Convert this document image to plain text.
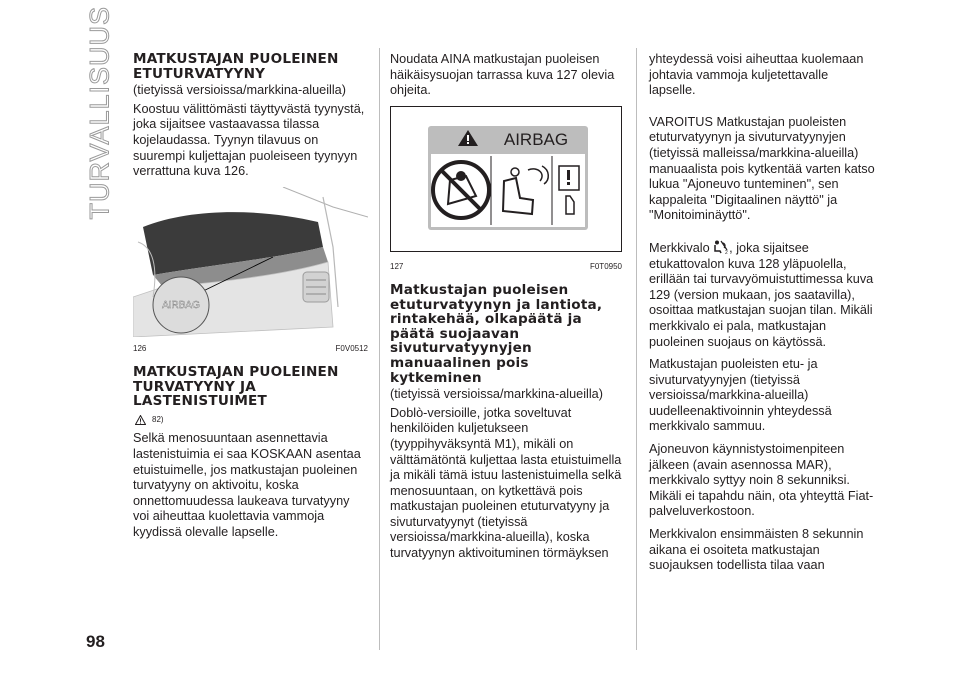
TURVALLISUUS MATKUSTAJAN PUOLEINEN ETUTURVATYYNY
(tietyissä versioissa/markkina-alueilla)

Koostuu välittömästi täyttyvästä tyynystä, joka sijaitsee vastaavassa tilassa kojelaudassa. Tyynyn tilavuus on suurempi kuljettajan puoleiseen tyynyyn verrattuna kuva 126.

AIRBAG
126	F0V0512
MATKUSTAJAN PUOLEINEN TURVATYYNY JA LASTENISTUIMET
82)

Selkä menosuuntaan asennettavia lastenistuimia ei saa KOSKAAN asentaa etuistuimelle, jos matkustajan puoleinen turvatyyny on aktivoitu, koska onnettomuudessa laukeava turvatyyny voi aiheuttaa kuolettavia vammoja kyydissä olevalle lapselle.

Noudata AINA matkustajan puoleisen häikäisysuojan tarrassa kuva 127 olevia ohjeita.

AIRBAG
127	F0T0950
Matkustajan puoleisen etuturvatyynyn ja lantiota, rintakehää, olkapäätä ja päätä suojaavan sivuturvatyynyjen manuaalinen pois kytkeminen
(tietyissä versioissa/markkina-alueilla)

Doblò-versioille, jotka soveltuvat henkilöiden kuljetukseen (tyyppihyväksyntä M1), mikäli on välttämätöntä kuljettaa lasta etuistuimella ja mikäli tämä istuu lastenistuimella selkä menosuuntaan, on kytkettävä pois matkustajan puoleinen etuturvatyyny ja sivuturvatyynyt (tietyissä versioissa/markkina-alueilla), koska turvatyynyn aktivoituminen törmäyksen

yhteydessä voisi aiheuttaa kuolemaan johtavia vammoja kuljetettavalle lapselle.

VAROITUS Matkustajan puoleisten etuturvatyynyn ja sivuturvatyynyjen (tietyissä malleissa/markkina-alueilla) manuaalista pois kytkentää varten katso lukua "Ajoneuvo tunteminen", sen kappaleita "Digitaalinen näyttö" ja "Monitoiminäyttö".

Merkkivalo	2 , joka sijaitsee etukattovalon kuva 128 yläpuolella, erillään tai turvavyömuistuttimessa kuva 129 (version mukaan, jos saatavilla), osoittaa matkustajan suojan tilan. Mikäli merkkivalo ei pala, matkustajan puoleinen suojaus on käytössä.

Matkustajan puoleisten etu- ja sivuturvatyynyjen (tietyissä versioissa/markkina-alueilla) uudelleenaktivoinnin yhteydessä merkkivalo sammuu.

Ajoneuvon käynnistystoimenpiteen jälkeen (avain asennossa MAR), merkkivalo syttyy noin 8 sekunniksi. Mikäli ei tapahdu näin, ota yhteyttä Fiat-palveluverkostoon.

Merkkivalon ensimmäisten 8 sekunnin aikana ei osoiteta matkustajan suojauksen todellista tilaa vaan

98
